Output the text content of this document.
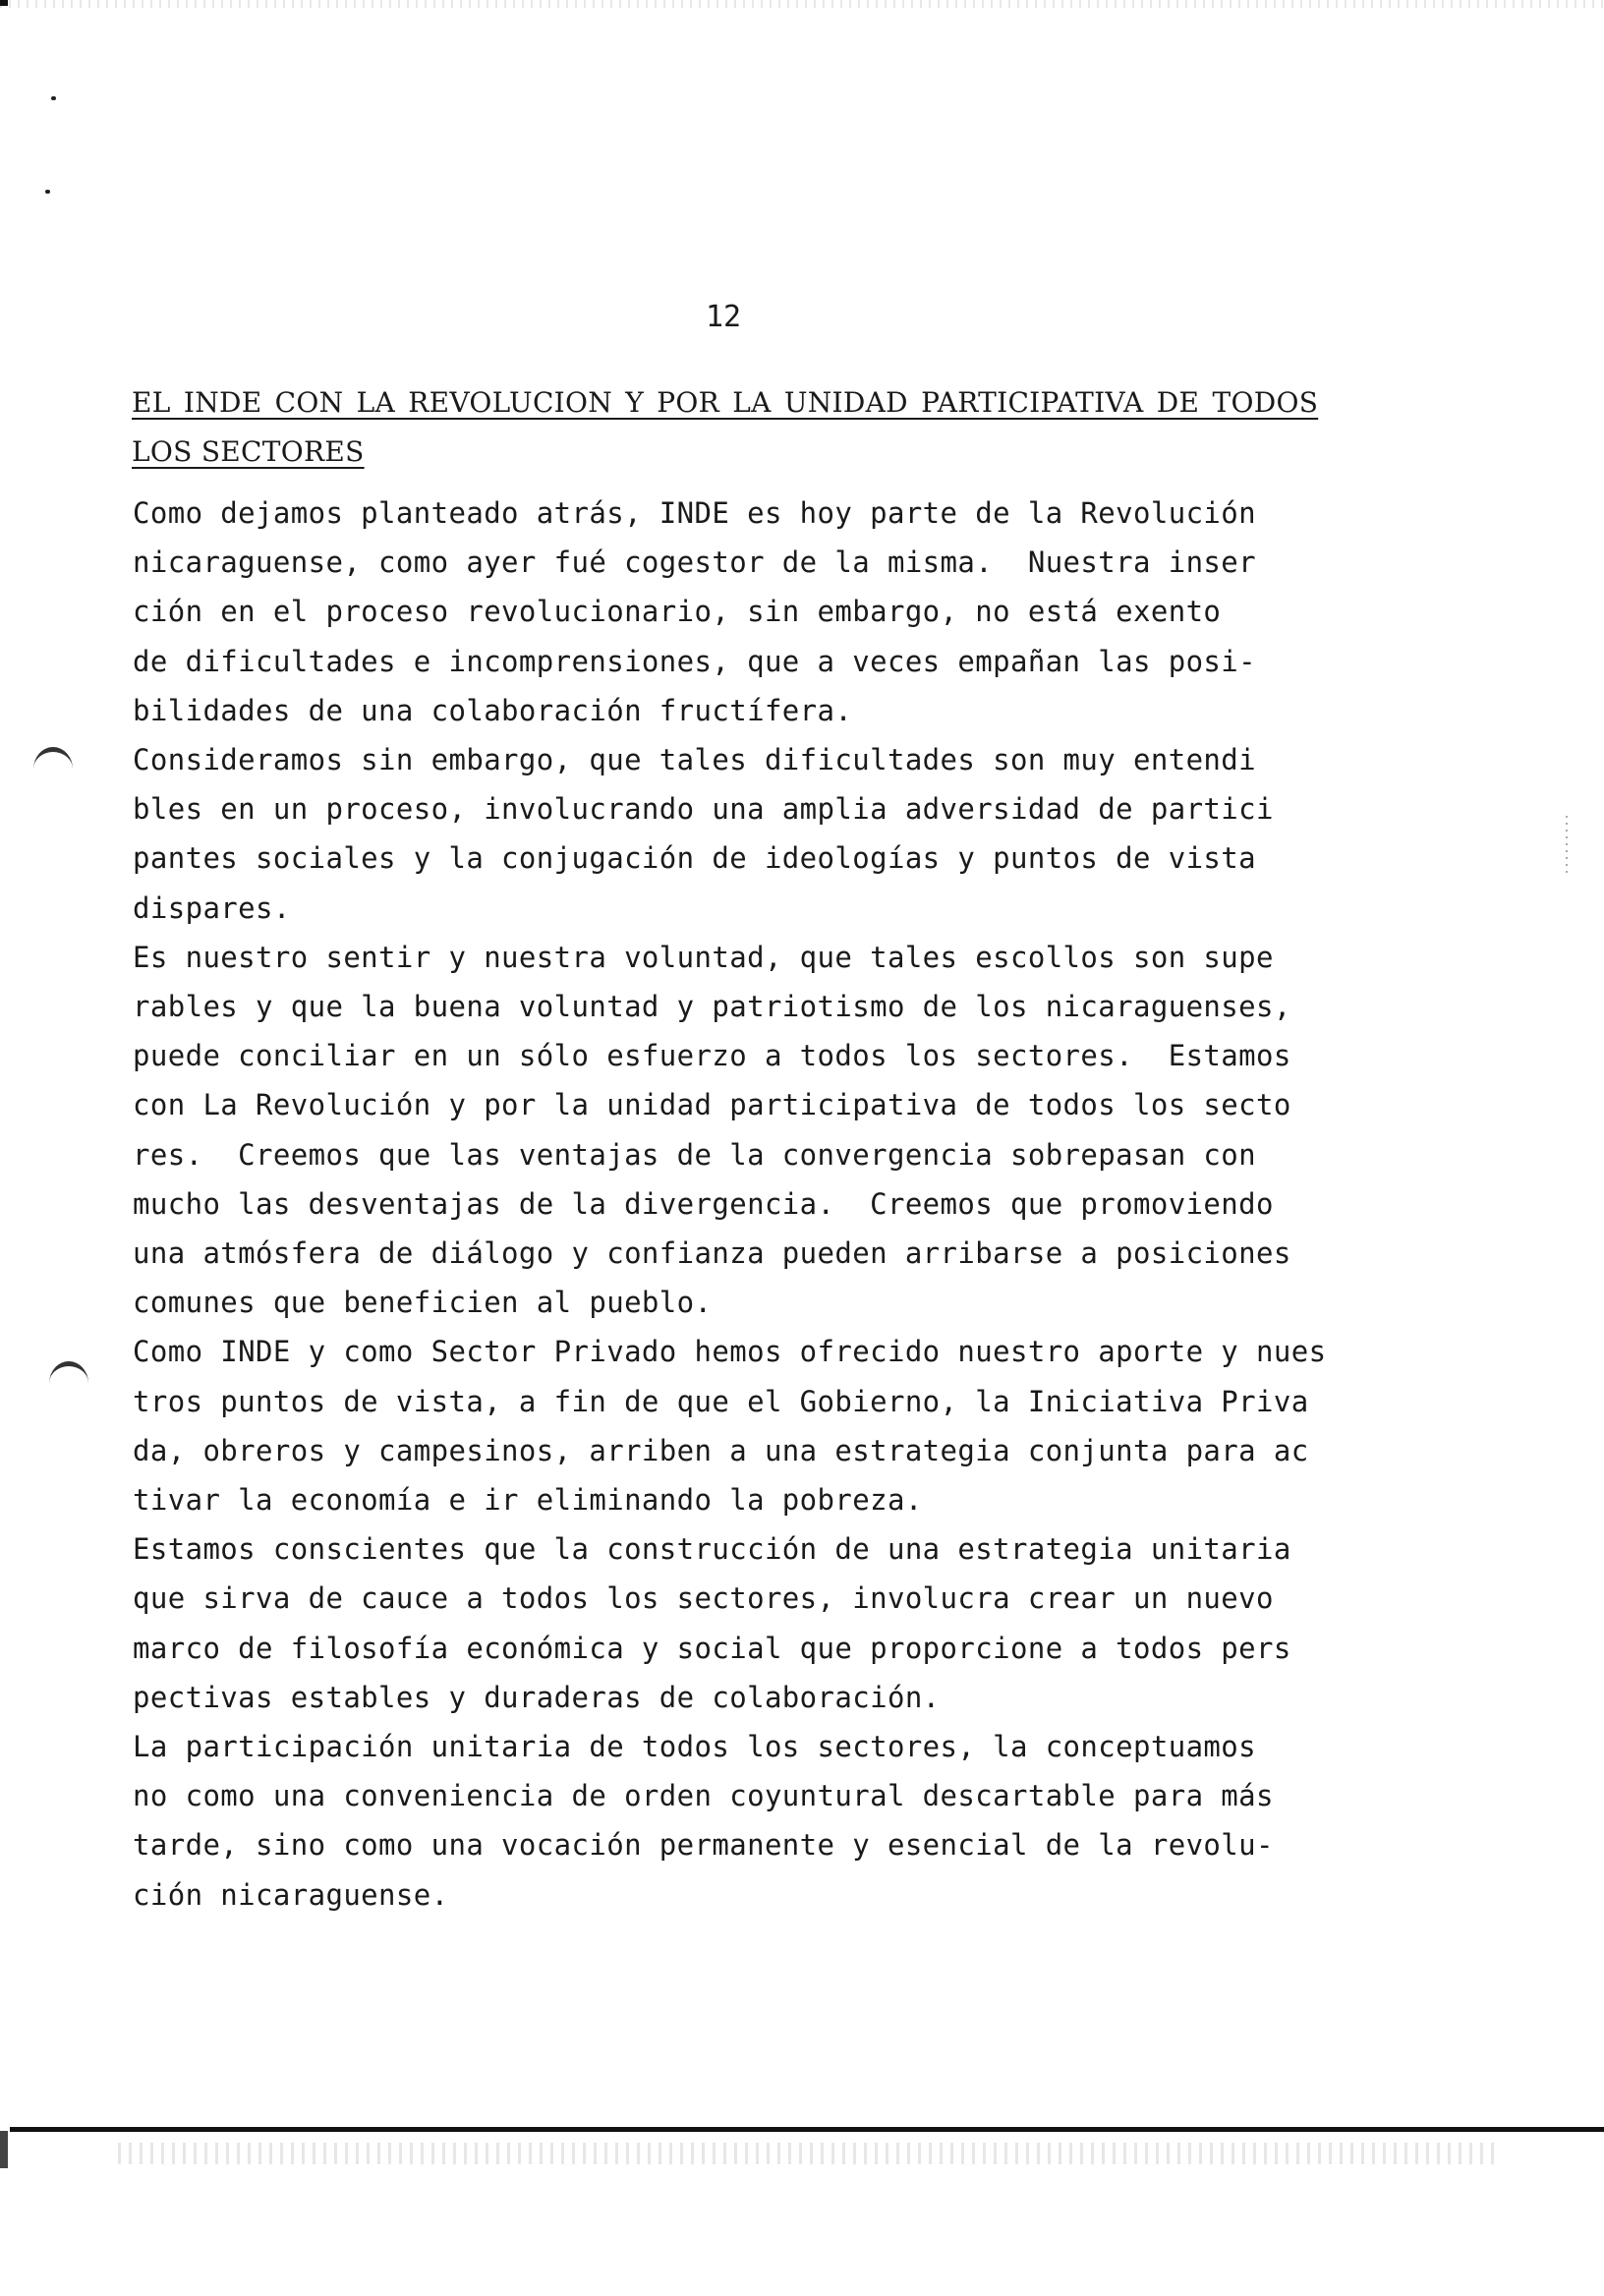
12
EL INDE CON LA REVOLUCION Y POR LA UNIDAD PARTICIPATIVA DE TODOS
LOS SECTORES
Como dejamos planteado atrás, INDE es hoy parte de la Revolución
nicaraguense, como ayer fué cogestor de la misma.  Nuestra inser
ción en el proceso revolucionario, sin embargo, no está exento
de dificultades e incomprensiones, que a veces empañan las posi-
bilidades de una colaboración fructífera.
Consideramos sin embargo, que tales dificultades son muy entendi
bles en un proceso, involucrando una amplia adversidad de partici
pantes sociales y la conjugación de ideologías y puntos de vista
dispares.
Es nuestro sentir y nuestra voluntad, que tales escollos son supe
rables y que la buena voluntad y patriotismo de los nicaraguenses,
puede conciliar en un sólo esfuerzo a todos los sectores.  Estamos
con La Revolución y por la unidad participativa de todos los secto
res.  Creemos que las ventajas de la convergencia sobrepasan con
mucho las desventajas de la divergencia.  Creemos que promoviendo
una atmósfera de diálogo y confianza pueden arribarse a posiciones
comunes que beneficien al pueblo.
Como INDE y como Sector Privado hemos ofrecido nuestro aporte y nues
tros puntos de vista, a fin de que el Gobierno, la Iniciativa Priva
da, obreros y campesinos, arriben a una estrategia conjunta para ac
tivar la economía e ir eliminando la pobreza.
Estamos conscientes que la construcción de una estrategia unitaria
que sirva de cauce a todos los sectores, involucra crear un nuevo
marco de filosofía económica y social que proporcione a todos pers
pectivas estables y duraderas de colaboración.
La participación unitaria de todos los sectores, la conceptuamos
no como una conveniencia de orden coyuntural descartable para más
tarde, sino como una vocación permanente y esencial de la revolu-
ción nicaraguense.
